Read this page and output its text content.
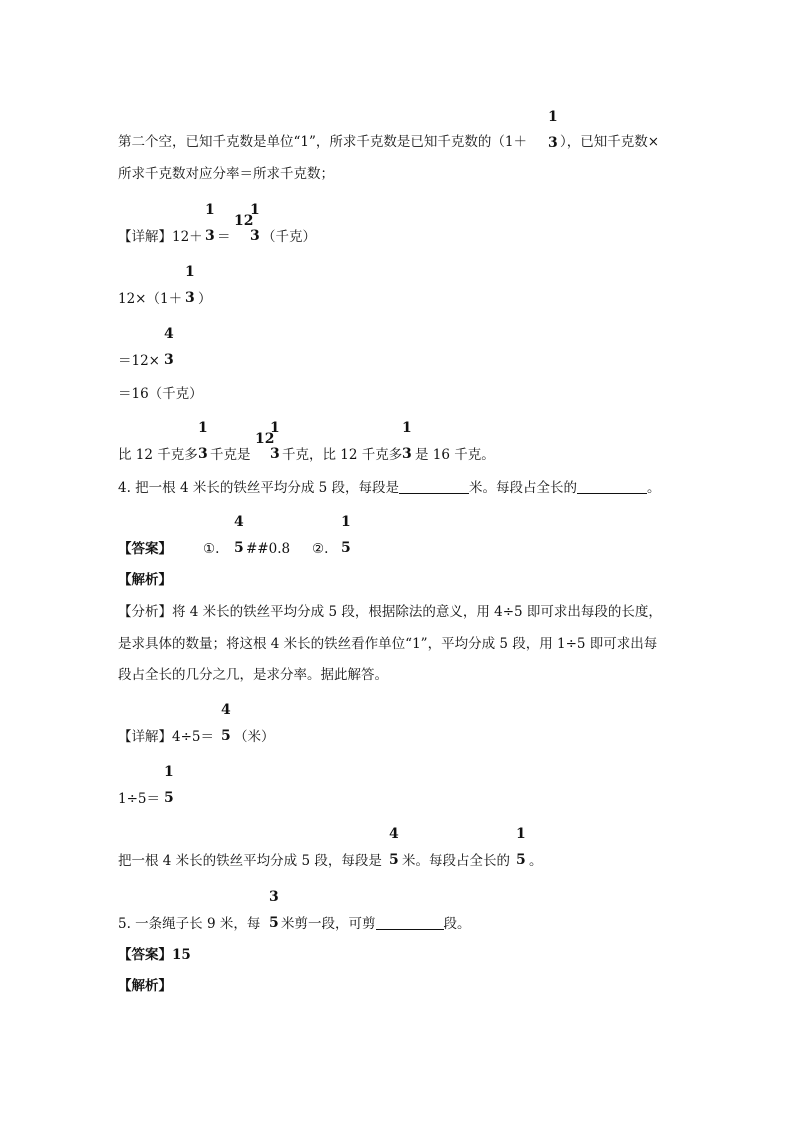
第二个空，已知千克数是单位“1”，所求千克数是已知千克数的（1＋
1
3 ），已知千克数×
所求千克数对应分率＝所求千克数；
【详解】12＋
1
3 ＝
12
1
3 （千克）
12×（1＋
1
3 ）
＝12×
4
3
＝16（千克）
比 12 千克多
1
3 千克是
12
1
3 千克，比 12 千克多
1
3 是 16 千克。
4. 把一根 4 米长的铁丝平均分成 5 段，每段是	米。每段占全长的	。
【答案】 ①.
4
5 ##0.8 ②.
1
5
【解析】
【分析】将 4 米长的铁丝平均分成 5 段，根据除法的意义，用 4÷5 即可求出每段的长度，
是求具体的数量；将这根 4 米长的铁丝看作单位“1”，平均分成 5 段，用 1÷5 即可求出每
段占全长的几分之几，是求分率。据此解答。
【详解】4÷5＝
4
5 （米）
1÷5＝
1
5
把一根 4 米长的铁丝平均分成 5 段，每段是
4
5 米。每段占全长的
1
5 。
5. 一条绳子长 9 米，每
3
5 米剪一段，可剪	段。
【答案】15
【解析】
